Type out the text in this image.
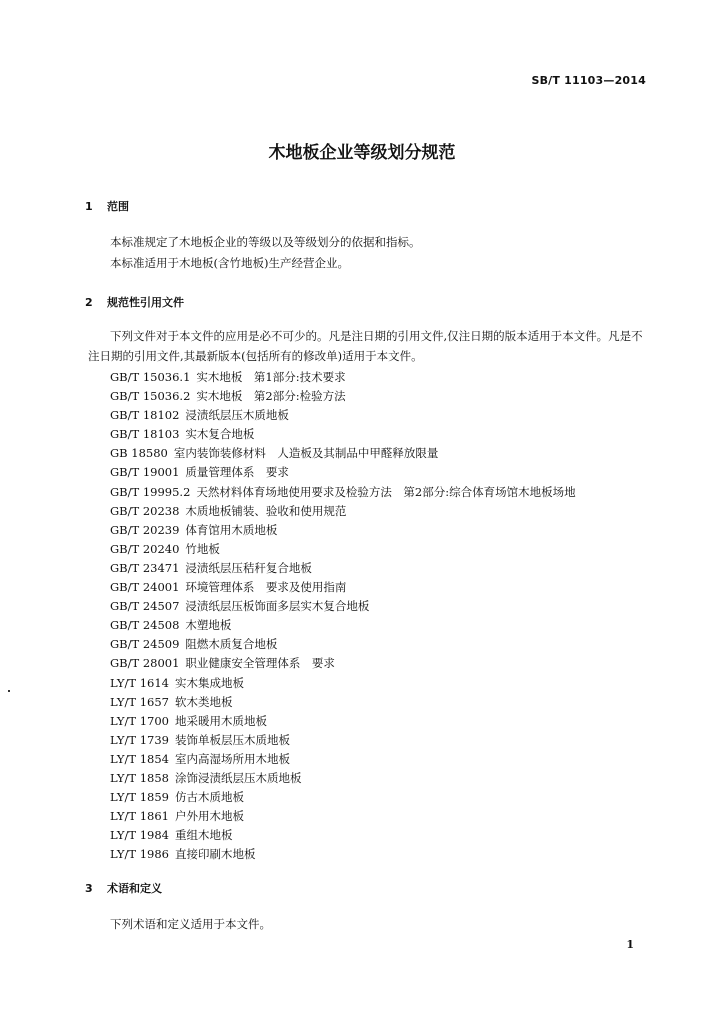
SB/T 11103—2014
木地板企业等级划分规范
1 范围
本标准规定了木地板企业的等级以及等级划分的依据和指标。
本标准适用于木地板(含竹地板)生产经营企业。
2 规范性引用文件
下列文件对于本文件的应用是必不可少的。凡是注日期的引用文件,仅注日期的版本适用于本文件。凡是不注日期的引用文件,其最新版本(包括所有的修改单)适用于本文件。
GB/T 15036.1 实木地板　第1部分:技术要求
GB/T 15036.2 实木地板　第2部分:检验方法
GB/T 18102 浸渍纸层压木质地板
GB/T 18103 实木复合地板
GB 18580 室内装饰装修材料　人造板及其制品中甲醛释放限量
GB/T 19001 质量管理体系　要求
GB/T 19995.2 天然材料体育场地使用要求及检验方法　第2部分:综合体育场馆木地板场地
GB/T 20238 木质地板铺装、验收和使用规范
GB/T 20239 体育馆用木质地板
GB/T 20240 竹地板
GB/T 23471 浸渍纸层压秸秆复合地板
GB/T 24001 环境管理体系　要求及使用指南
GB/T 24507 浸渍纸层压板饰面多层实木复合地板
GB/T 24508 木塑地板
GB/T 24509 阻燃木质复合地板
GB/T 28001 职业健康安全管理体系　要求
LY/T 1614 实木集成地板
LY/T 1657 软木类地板
LY/T 1700 地采暖用木质地板
LY/T 1739 装饰单板层压木质地板
LY/T 1854 室内高湿场所用木地板
LY/T 1858 涂饰浸渍纸层压木质地板
LY/T 1859 仿古木质地板
LY/T 1861 户外用木地板
LY/T 1984 重组木地板
LY/T 1986 直接印刷木地板
3 术语和定义
下列术语和定义适用于本文件。
1
